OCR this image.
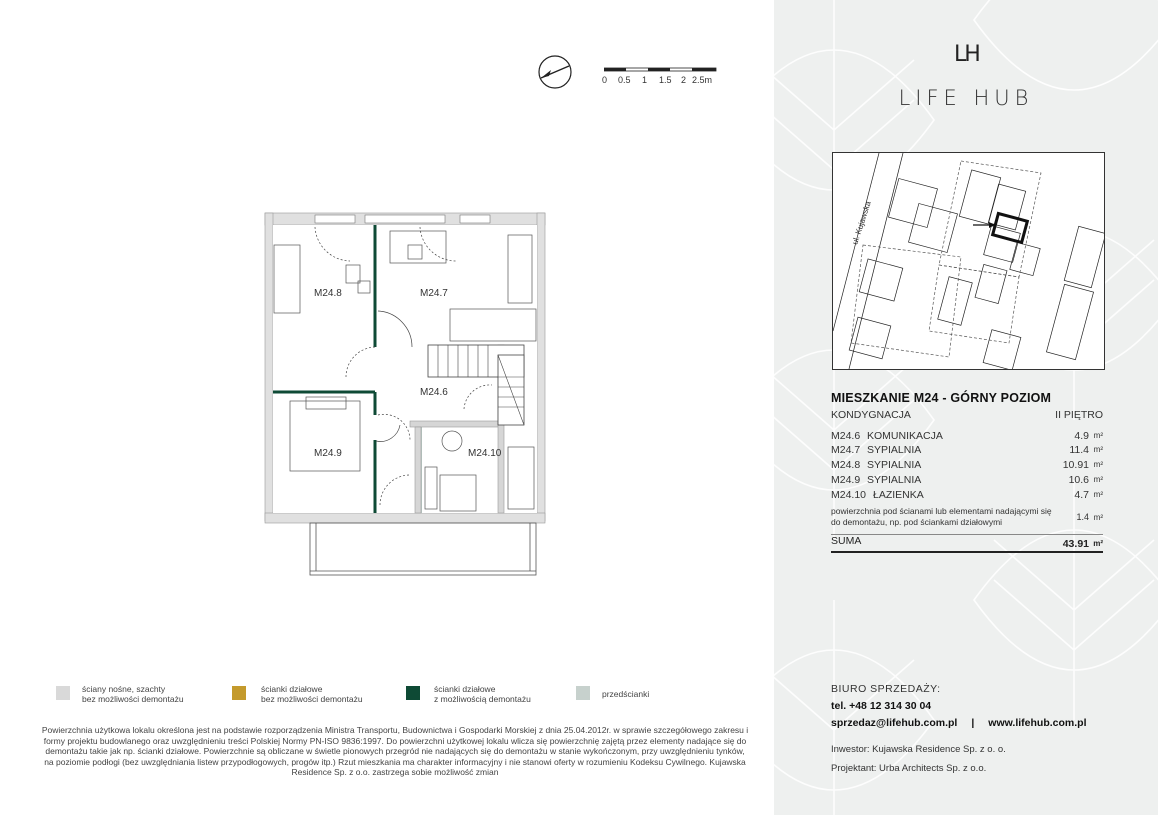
0 0.5 1 1.5 2 2.5m
M24.8	M24.7
M24.6
M24.9	M24.10
ściany nośne, szachty
bez możliwości demontażu
ścianki działowe
bez możliwości demontażu
ścianki działowe
z możliwością demontażu	przedścianki
Powierzchnia użytkowa lokalu określona jest na podstawie rozporządzenia Ministra Transportu, Budownictwa i Gospodarki Morskiej z dnia 25.04.2012r. w sprawie szczegółowego zakresu i formy projektu budowlanego oraz uwzględnieniu treści Polskiej Normy PN-ISO 9836:1997. Do powierzchni użytkowej lokalu wlicza się powierzchnię zajętą przez elementy nadające się do demontażu takie jak np. ścianki działowe. Powierzchnie są obliczane w świetle pionowych przegród nie nadających się do demontażu w stanie wykończonym, przy uwzględnieniu tynków, na poziomie podłogi (bez uwzględniania listew przypodłogowych, progów itp.) Rzut mieszkania ma charakter informacyjny i nie stanowi oferty w rozumieniu Kodeksu Cywilnego. Kujawska Residence Sp. z o.o. zastrzega sobie możliwość zmian
LH
LIFE HUB
ul. Kujawska
MIESZKANIE M24 - GÓRNY POZIOM
KONDYGNACJA	II PIĘTRO
M24.6 KOMUNIKACJA	4.9 m²
M24.7 SYPIALNIA	11.4 m²
M24.8 SYPIALNIA	10.91 m²
M24.9 SYPIALNIA	10.6 m²
M24.10 ŁAZIENKA	4.7 m²
powierzchnia pod ścianami lub elementami nadającymi się do demontażu, np. pod ściankami działowymi	1.4 m²
SUMA	43.91 m²
BIURO SPRZEDAŻY:
tel. +48 12 314 30 04
sprzedaz@lifehub.com.pl | www.lifehub.com.pl
Inwestor: Kujawska Residence Sp. z o. o.
Projektant: Urba Architects Sp. z o.o.
